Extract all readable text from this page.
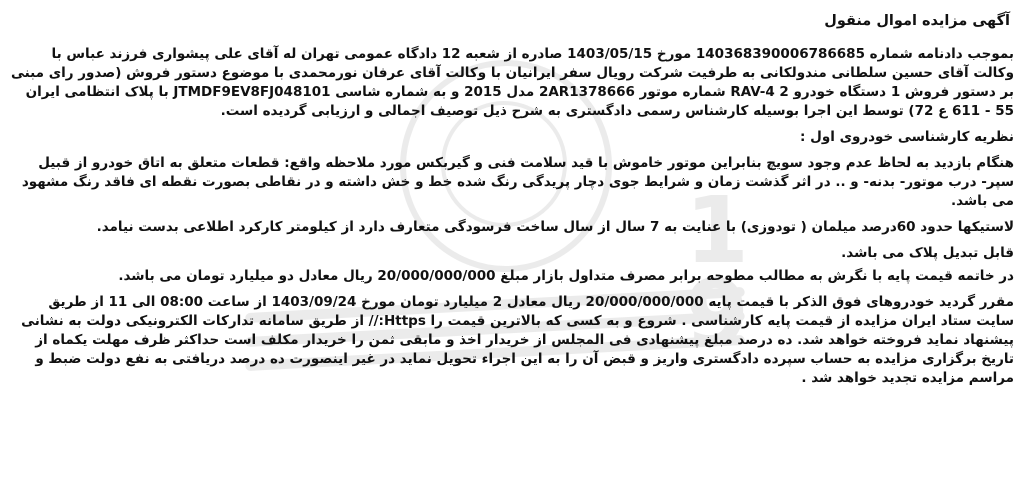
1
9

آگهی مزایده اموال منقول

بموجب دادنامه شماره 140368390006786685 مورخ 1403/05/15 صادره از شعبه 12 دادگاه عمومی تهران له آقای علی پیشواری فرزند عباس با وکالت آقای حسین سلطانی مندولکانی به طرفیت شرکت رویال سفر ایرانیان با وکالت آقای عرفان نورمحمدی با موضوع دستور فروش (صدور رای مبنی بر دستور فروش 1 دستگاه خودرو RAV-4 2 شماره موتور 2AR1378666 مدل 2015 و به شماره شاسی JTMDF9EV8FJ048101 با پلاک انتظامی ایران 55 - 611 ع 72) توسط این اجرا بوسیله کارشناس رسمی دادگستری به شرح ذیل توصیف اجمالی و ارزیابی گردیده است.

نظریه کارشناسی خودروی اول :

هنگام بازدید به لحاظ عدم وجود سویچ بنابراین موتور خاموش با قید سلامت فنی و گیربکس مورد ملاحظه واقع: قطعات متعلق به اتاق خودرو از قبیل سپر- درب موتور- بدنه- و .. در اثر گذشت زمان و شرایط جوی دچار پریدگی رنگ شده خط و خش داشته و در نقاطی بصورت نقطه ای فاقد رنگ مشهود می باشد.

لاستیکها حدود 60درصد میلمان ( تودوزی) با عنایت به 7 سال از سال ساخت فرسودگی متعارف دارد از کیلومتر کارکرد اطلاعی بدست نیامد.

قابل تبدیل پلاک می باشد.

در خاتمه قیمت پایه با نگرش به مطالب مطوحه برابر مصرف متداول بازار مبلغ 20/000/000/000 ریال معادل دو میلیارد تومان می باشد.

مقرر گردید خودروهای فوق الذکر با قیمت پایه 20/000/000/000 ریال معادل 2 میلیارد تومان مورخ 1403/09/24 از ساعت 08:00 الی 11 از طریق سایت ستاد ایران مزایده از قیمت پایه کارشناسی . شروع و به کسی که بالاترین قیمت را Https:// از طریق سامانه تدارکات الکترونیکی دولت به نشانی پیشنهاد نماید فروخته خواهد شد. ده درصد مبلغ پیشنهادی فی المجلس از خریدار اخذ و مابقی ثمن را خریدار مکلف است حداکثر ظرف مهلت یکماه از تاریخ برگزاری مزایده به حساب سپرده دادگستری واریز و قبض آن را به این اجراء تحویل نماید در غیر اینصورت ده درصد دریافتی به نفع دولت ضبط و مراسم مزایده تجدید خواهد شد .
